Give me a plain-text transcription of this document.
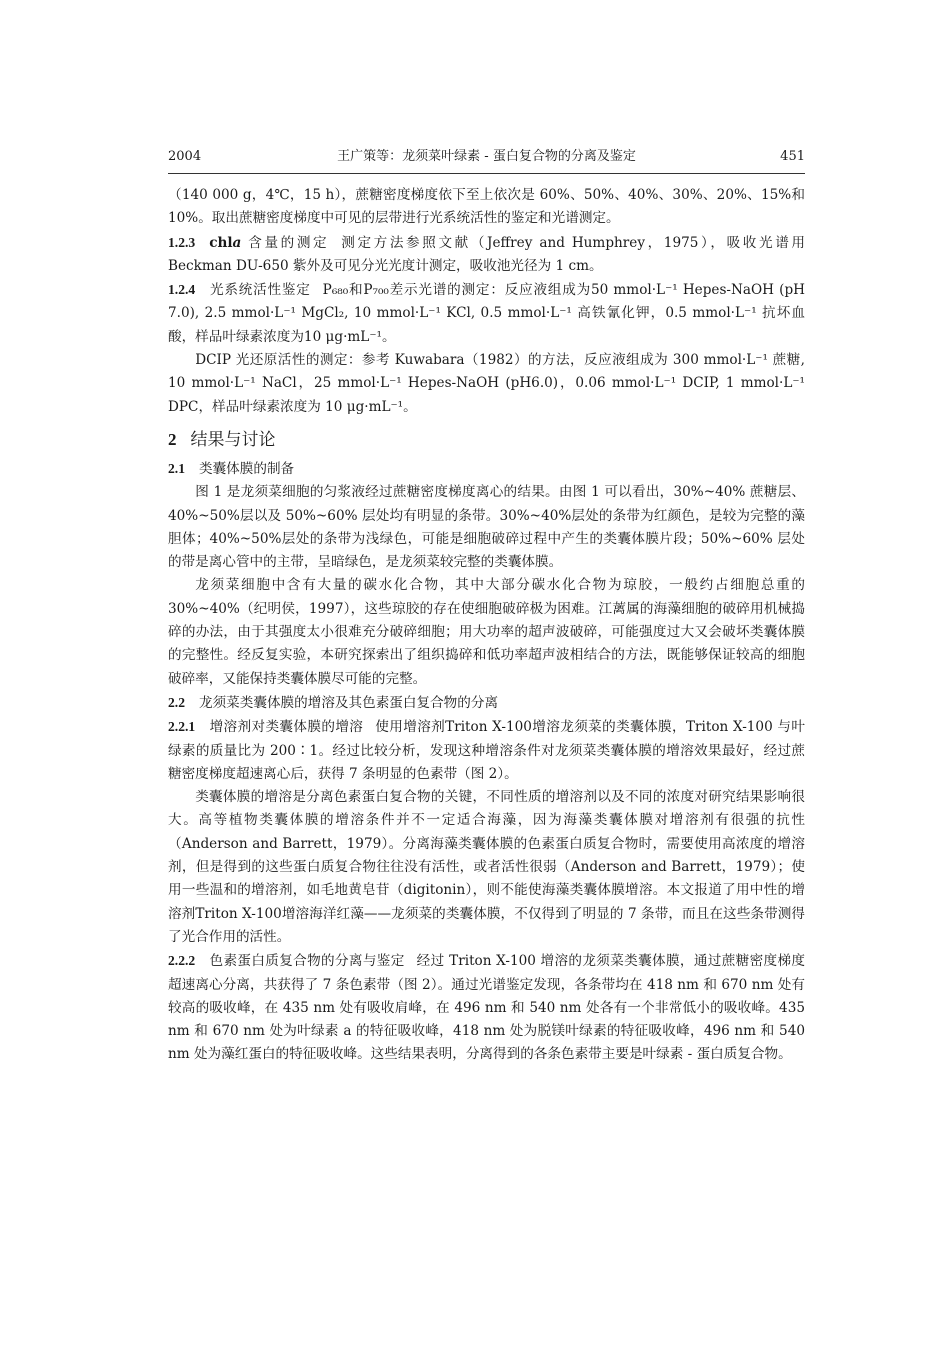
2004	王广策等：龙须菜叶绿素 - 蛋白复合物的分离及鉴定	451

（140 000 g，4℃，15 h），蔗糖密度梯度依下至上依次是 60%、50%、40%、30%、20%、15%和 10%。取出蔗糖密度梯度中可见的层带进行光系统活性的鉴定和光谱测定。

1.2.3 chla 含量的测定 测定方法参照文献（Jeffrey and Humphrey，1975），吸收光谱用 Beckman DU-650 紫外及可见分光光度计测定，吸收池光径为 1 cm。

1.2.4 光系统活性鉴定 P₆₈₀和P₇₀₀差示光谱的测定：反应液组成为50 mmol·L⁻¹ Hepes-NaOH (pH 7.0), 2.5 mmol·L⁻¹ MgCl₂, 10 mmol·L⁻¹ KCl, 0.5 mmol·L⁻¹ 高铁氰化钾，0.5 mmol·L⁻¹ 抗坏血酸，样品叶绿素浓度为10 μg·mL⁻¹。

DCIP 光还原活性的测定：参考 Kuwabara（1982）的方法，反应液组成为 300 mmol·L⁻¹ 蔗糖, 10 mmol·L⁻¹ NaCl，25 mmol·L⁻¹ Hepes-NaOH (pH6.0)，0.06 mmol·L⁻¹ DCIP, 1 mmol·L⁻¹ DPC，样品叶绿素浓度为 10 μg·mL⁻¹。

2 结果与讨论

2.1 类囊体膜的制备

图 1 是龙须菜细胞的匀浆液经过蔗糖密度梯度离心的结果。由图 1 可以看出，30%~40% 蔗糖层、40%~50%层以及 50%~60% 层处均有明显的条带。30%~40%层处的条带为红颜色，是较为完整的藻胆体；40%~50%层处的条带为浅绿色，可能是细胞破碎过程中产生的类囊体膜片段；50%~60% 层处的带是离心管中的主带，呈暗绿色，是龙须菜较完整的类囊体膜。

龙须菜细胞中含有大量的碳水化合物，其中大部分碳水化合物为琼胶，一般约占细胞总重的 30%~40%（纪明侯，1997），这些琼胶的存在使细胞破碎极为困难。江蓠属的海藻细胞的破碎用机械捣碎的办法，由于其强度太小很难充分破碎细胞；用大功率的超声波破碎，可能强度过大又会破坏类囊体膜的完整性。经反复实验，本研究探索出了组织捣碎和低功率超声波相结合的方法，既能够保证较高的细胞破碎率，又能保持类囊体膜尽可能的完整。

2.2 龙须菜类囊体膜的增溶及其色素蛋白复合物的分离

2.2.1 增溶剂对类囊体膜的增溶 使用增溶剂Triton X-100增溶龙须菜的类囊体膜，Triton X-100 与叶绿素的质量比为 200∶1。经过比较分析，发现这种增溶条件对龙须菜类囊体膜的增溶效果最好，经过蔗糖密度梯度超速离心后，获得 7 条明显的色素带（图 2）。

类囊体膜的增溶是分离色素蛋白复合物的关键，不同性质的增溶剂以及不同的浓度对研究结果影响很大。高等植物类囊体膜的增溶条件并不一定适合海藻，因为海藻类囊体膜对增溶剂有很强的抗性（Anderson and Barrett，1979）。分离海藻类囊体膜的色素蛋白质复合物时，需要使用高浓度的增溶剂，但是得到的这些蛋白质复合物往往没有活性，或者活性很弱（Anderson and Barrett，1979）；使用一些温和的增溶剂，如毛地黄皂苷（digitonin），则不能使海藻类囊体膜增溶。本文报道了用中性的增溶剂Triton X-100增溶海洋红藻——龙须菜的类囊体膜，不仅得到了明显的 7 条带，而且在这些条带测得了光合作用的活性。

2.2.2 色素蛋白质复合物的分离与鉴定 经过 Triton X-100 增溶的龙须菜类囊体膜，通过蔗糖密度梯度超速离心分离，共获得了 7 条色素带（图 2）。通过光谱鉴定发现，各条带均在 418 nm 和 670 nm 处有较高的吸收峰，在 435 nm 处有吸收肩峰，在 496 nm 和 540 nm 处各有一个非常低小的吸收峰。435 nm 和 670 nm 处为叶绿素 a 的特征吸收峰，418 nm 处为脱镁叶绿素的特征吸收峰，496 nm 和 540 nm 处为藻红蛋白的特征吸收峰。这些结果表明，分离得到的各条色素带主要是叶绿素 - 蛋白质复合物。
